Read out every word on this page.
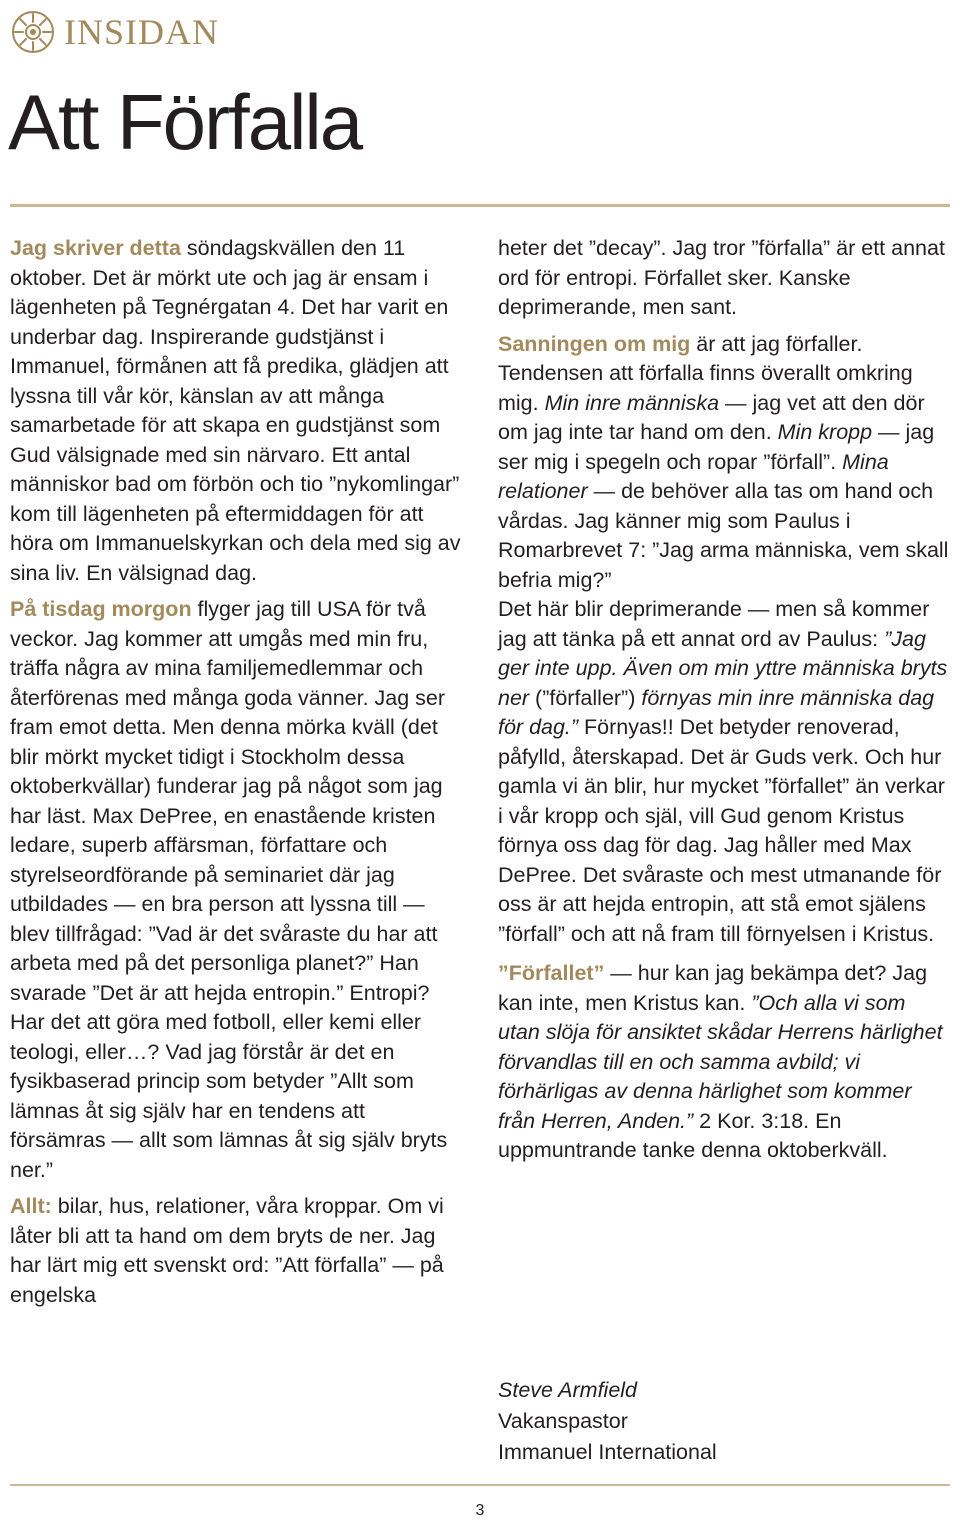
INSIDAN
Att Förfalla

Jag skriver detta söndagskvällen den 11 oktober. Det är mörkt ute och jag är ensam i lägenheten på Tegnérgatan 4. Det har varit en underbar dag. Inspirerande gudstjänst i Immanuel, förmånen att få predika, glädjen att lyssna till vår kör, känslan av att många samarbetade för att skapa en gudstjänst som Gud välsignade med sin närvaro. Ett antal människor bad om förbön och tio ”nykomlingar” kom till lägenheten på eftermiddagen för att höra om Immanuelskyrkan och dela med sig av sina liv. En välsignad dag.

På tisdag morgon flyger jag till USA för två veckor. Jag kommer att umgås med min fru, träffa några av mina familjemedlemmar och återförenas med många goda vänner. Jag ser fram emot detta. Men denna mörka kväll (det blir mörkt mycket tidigt i Stockholm dessa oktoberkvällar) funderar jag på något som jag har läst. Max DePree, en enastående kristen ledare, superb affärsman, författare och styrelseordförande på seminariet där jag utbildades — en bra person att lyssna till — blev tillfrågad: ”Vad är det svåraste du har att arbeta med på det personliga planet?” Han svarade ”Det är att hejda entropin.” Entropi? Har det att göra med fotboll, eller kemi eller teologi, eller…? Vad jag förstår är det en fysikbaserad princip som betyder ”Allt som lämnas åt sig själv har en tendens att försämras — allt som lämnas åt sig själv bryts ner.”

Allt: bilar, hus, relationer, våra kroppar. Om vi låter bli att ta hand om dem bryts de ner. Jag har lärt mig ett svenskt ord: ”Att förfalla” — på engelska

heter det ”decay”. Jag tror ”förfalla” är ett annat ord för entropi. Förfallet sker. Kanske deprimerande, men sant.

Sanningen om mig är att jag förfaller. Tendensen att förfalla finns överallt omkring mig. Min inre människa — jag vet att den dör om jag inte tar hand om den. Min kropp — jag ser mig i spegeln och ropar ”förfall”. Mina relationer — de behöver alla tas om hand och vårdas. Jag känner mig som Paulus i Romarbrevet 7: ”Jag arma människa, vem skall befria mig?”

Det här blir deprimerande — men så kommer jag att tänka på ett annat ord av Paulus: ”Jag ger inte upp. Även om min yttre människa bryts ner (”förfaller”) förnyas min inre människa dag för dag.” Förnyas!! Det betyder renoverad, påfylld, återskapad. Det är Guds verk. Och hur gamla vi än blir, hur mycket ”förfallet” än verkar i vår kropp och själ, vill Gud genom Kristus förnya oss dag för dag. Jag håller med Max DePree. Det svåraste och mest utmanande för oss är att hejda entropin, att stå emot själens ”förfall” och att nå fram till förnyelsen i Kristus.

”Förfallet” — hur kan jag bekämpa det? Jag kan inte, men Kristus kan. ”Och alla vi som utan slöja för ansiktet skådar Herrens härlighet förvandlas till en och samma avbild; vi förhärligas av denna härlighet som kommer från Herren, Anden.” 2 Kor. 3:18. En uppmuntrande tanke denna oktoberkväll.

Steve Armfield
Vakanspastor
Immanuel International
3
